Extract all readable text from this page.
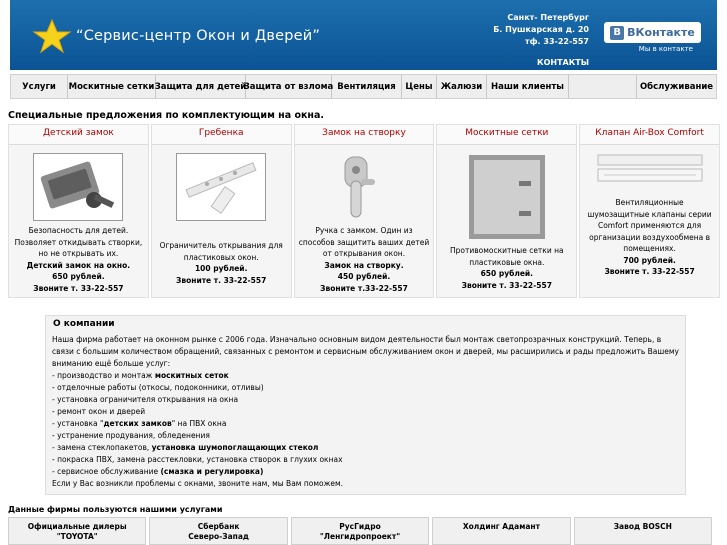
“Сервис-центр Окон и Дверей”
Санкт- Петербург
Б. Пушкарская д. 20
тф. 33-22-557
КОНТАКТЫ
В ВКонтакте
Мы в контакте
Услуги	Москитные сетки Защита для детей
Защита от взлома Вентиляция	Цены Жалюзи	Наши клиенты	Обслуживание
Специальные предложения по комплектующим на окна.
Детский замок
Безопасность для детей. Позволяет откидывать створки, но не открывать их.
Детский замок на окно.
650 рублей.
Звоните т. 33-22-557
Гребенка
Ограничитель открывания для пластиковых окон.
100 рублей.
Звоните т. 33-22-557
Замок на створку
Ручка с замком. Один из способов защитить ваших детей от открывания окон.
Замок на створку.
450 рублей.
Звоните т.33-22-557
Москитные сетки
Противомоскитные сетки на пластиковые окна.
650 рублей.
Звоните т. 33-22-557
Клапан Air-Box Comfort
Вентиляционные шумозащитные клапаны серии Comfort применяются для организации воздухообмена в помещениях.
700 рублей.
Звоните т. 33-22-557
О компании
Наша фирма работает на оконном рынке с 2006 года. Изначально основным видом деятельности был монтаж светопрозрачных конструкций. Теперь, в связи с большим количеством обращений, связанных с ремонтом и сервисным обслуживанием окон и дверей, мы расширились и рады предложить Вашему вниманию ещё больше услуг:
- производство и монтаж москитных сеток
- отделочные работы (откосы, подоконники, отливы)
- установка ограничителя открывания на окна
- ремонт окон и дверей
- установка "детских замков" на ПВХ окна
- устранение продувания, обледенения
- замена стеклопакетов, установка шумопоглащающих стекол
- покраска ПВХ, замена расстекловки, установка створок в глухих окнах
- сервисное обслуживание (смазка и регулировка)
Если у Вас возникли проблемы с окнами, звоните нам, мы Вам поможем.
Данные фирмы пользуются нашими услугами
Официальные дилеры
"TOYOTA"
Сбербанк
Северо-Запад
РусГидро
"Ленгидропроект"
Холдинг Адамант	Завод BOSCH
